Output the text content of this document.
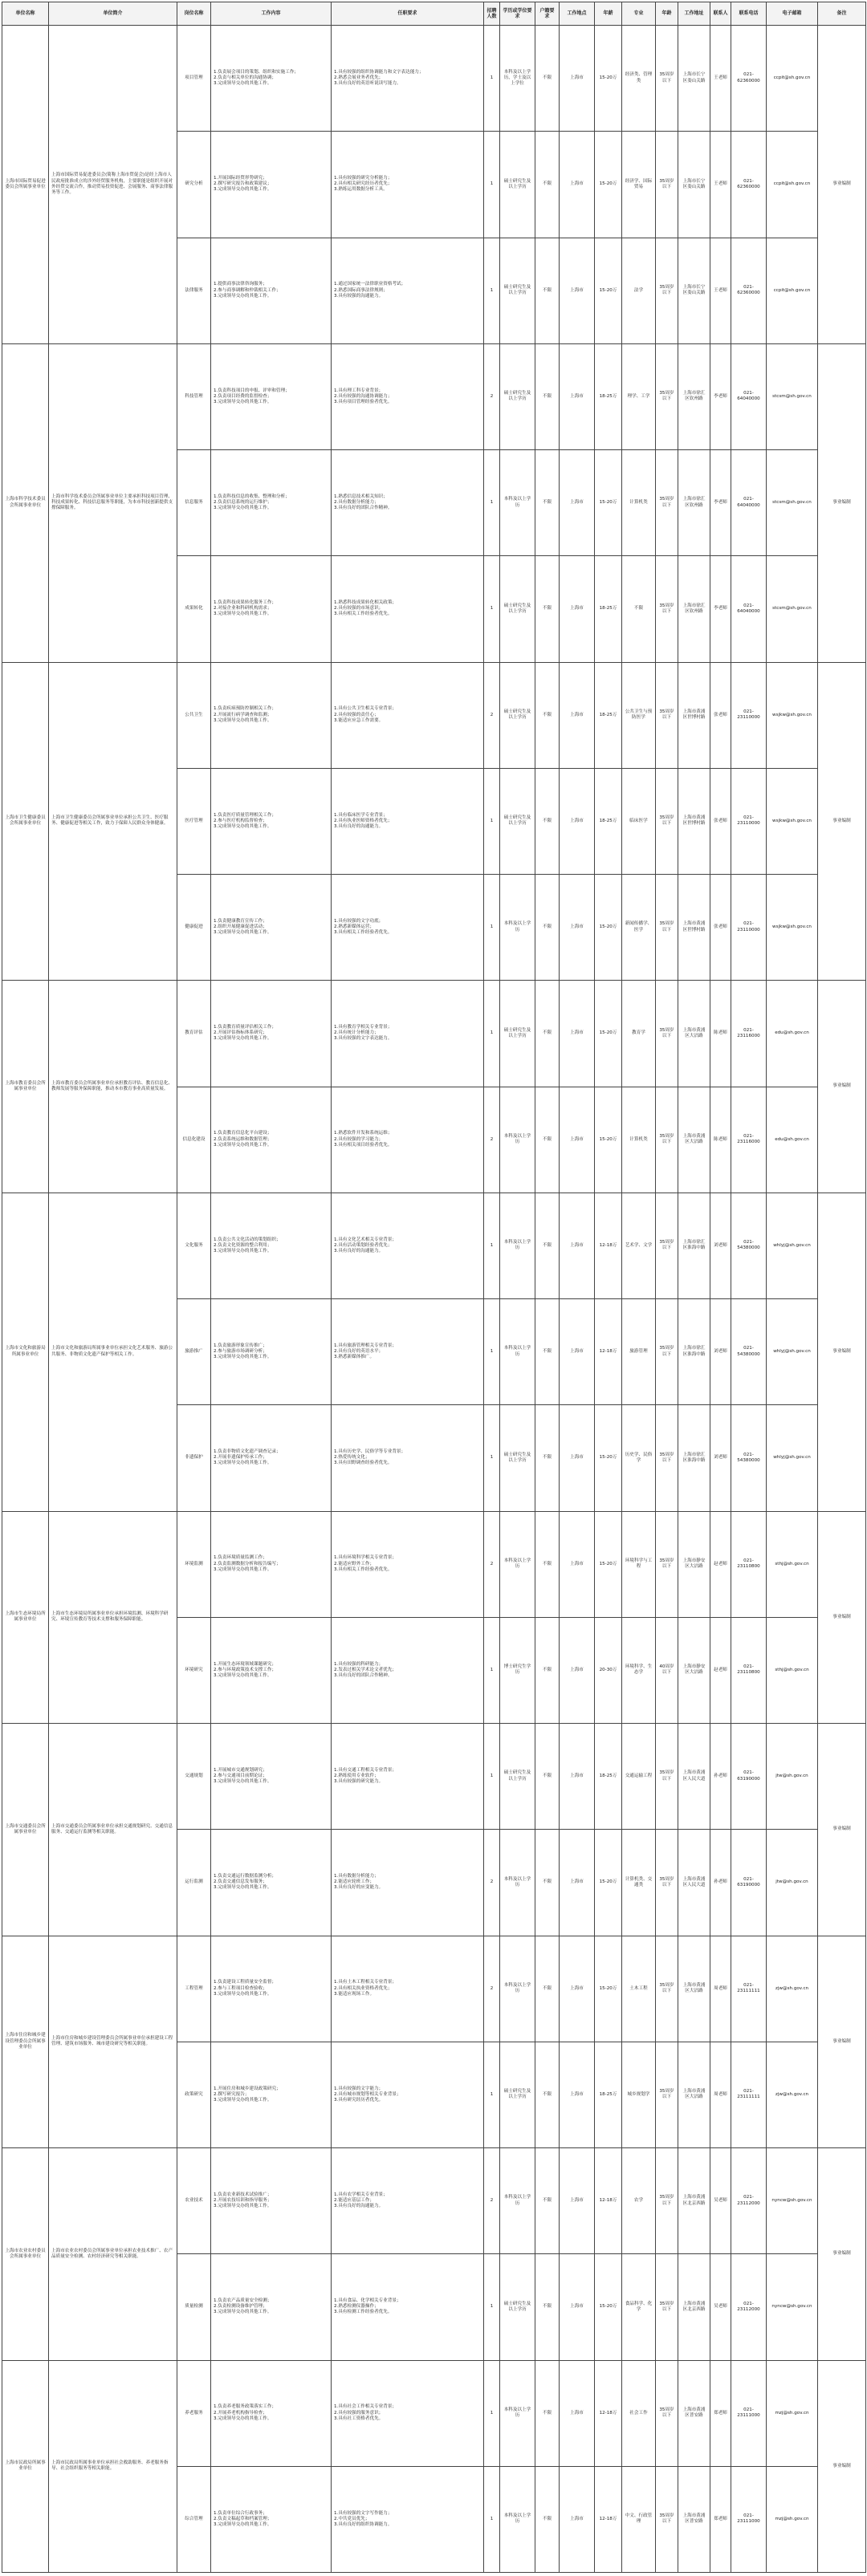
单位名称	单位简介	岗位名称	工作内容	任职要求	招聘人数	学历或学位要求	户籍要求	工作地点	年薪	专业	年龄	工作地址	联系人	联系电话	电子邮箱	备注
上海市国际贸易促进委员会所属事业单位	上海市国际贸易促进委员会(简称上海市贸促会)是经上海市人民政府批准成立的涉外经贸服务机构，主要职能是组织开展对外经贸交流合作，推动贸易投资促进、会展服务、商事法律服务等工作。	项目管理	1.负责展会项目的策划、组织和实施工作；
2.负责与相关单位的沟通协调；
3.完成领导交办的其他工作。	1.具有较强的组织协调能力和文字表达能力；
2.熟悉会展业务者优先；
3.具有良好的英语听说读写能力。	1	本科及以上学历，学士及以上学位	不限	上海市	15-20万	经济类、管理类	35周岁以下	上海市长宁区娄山关路	王老师	021-62360000	ccpit@sh.gov.cn	事业编制
		研究分析	1.开展国际经贸形势研究；
2.撰写研究报告和政策建议；
3.完成领导交办的其他工作。	1.具有较强的研究分析能力；
2.具有相关研究经历者优先；
3.熟练运用数据分析工具。	1	硕士研究生及以上学历	不限	上海市	15-20万	经济学、国际贸易	35周岁以下	上海市长宁区娄山关路	王老师	021-62360000	ccpit@sh.gov.cn	
		法律服务	1.提供商事法律咨询服务；
2.参与商事调解和仲裁相关工作；
3.完成领导交办的其他工作。	1.通过国家统一法律职业资格考试；
2.熟悉国际商事法律规则；
3.具有较强的沟通能力。	1	硕士研究生及以上学历	不限	上海市	15-20万	法学	35周岁以下	上海市长宁区娄山关路	王老师	021-62360000	ccpit@sh.gov.cn	
上海市科学技术委员会所属事业单位	上海市科学技术委员会所属事业单位主要承担科技项目管理、科技成果转化、科技信息服务等职能，为本市科技创新提供支撑保障服务。	科技管理	1.负责科技项目的申报、评审和管理；
2.负责项目经费的监督检查；
3.完成领导交办的其他工作。	1.具有理工科专业背景；
2.具有较强的沟通协调能力；
3.具有项目管理经验者优先。	2	硕士研究生及以上学历	不限	上海市	18-25万	理学、工学	35周岁以下	上海市徐汇区钦州路	李老师	021-64040000	stcsm@sh.gov.cn	事业编制
		信息服务	1.负责科技信息的收集、整理和分析；
2.负责信息系统的运行维护；
3.完成领导交办的其他工作。	1.熟悉信息技术相关知识；
2.具有数据分析能力；
3.具有良好的团队合作精神。	1	本科及以上学历	不限	上海市	15-20万	计算机类	35周岁以下	上海市徐汇区钦州路	李老师	021-64040000	stcsm@sh.gov.cn	
		成果转化	1.负责科技成果转化服务工作；
2.对接企业和科研机构需求；
3.完成领导交办的其他工作。	1.熟悉科技成果转化相关政策；
2.具有较强的市场意识；
3.具有相关工作经验者优先。	1	硕士研究生及以上学历	不限	上海市	18-25万	不限	35周岁以下	上海市徐汇区钦州路	李老师	021-64040000	stcsm@sh.gov.cn	
上海市卫生健康委员会所属事业单位	上海市卫生健康委员会所属事业单位承担公共卫生、医疗服务、健康促进等相关工作，致力于保障人民群众身体健康。	公共卫生	1.负责疾病预防控制相关工作；
2.开展流行病学调查和监测；
3.完成领导交办的其他工作。	1.具有公共卫生相关专业背景；
2.具有较强的责任心；
3.能适应应急工作需要。	2	硕士研究生及以上学历	不限	上海市	18-25万	公共卫生与预防医学	35周岁以下	上海市黄浦区世博村路	张老师	021-23110000	wsjkw@sh.gov.cn	事业编制
		医疗管理	1.负责医疗质量管理相关工作；
2.参与医疗机构监督检查；
3.完成领导交办的其他工作。	1.具有临床医学专业背景；
2.具有执业医师资格者优先；
3.具有良好的沟通能力。	1	硕士研究生及以上学历	不限	上海市	18-25万	临床医学	35周岁以下	上海市黄浦区世博村路	张老师	021-23110000	wsjkw@sh.gov.cn	
		健康促进	1.负责健康教育宣传工作；
2.组织开展健康促进活动；
3.完成领导交办的其他工作。	1.具有较强的文字功底；
2.熟悉新媒体运营；
3.具有相关工作经验者优先。	1	本科及以上学历	不限	上海市	15-20万	新闻传播学、医学	35周岁以下	上海市黄浦区世博村路	张老师	021-23110000	wsjkw@sh.gov.cn	
上海市教育委员会所属事业单位	上海市教育委员会所属事业单位承担教育评估、教育信息化、教师发展等服务保障职能，推动本市教育事业高质量发展。	教育评估	1.负责教育质量评估相关工作；
2.开展评估指标体系研究；
3.完成领导交办的其他工作。	1.具有教育学相关专业背景；
2.具有统计分析能力；
3.具有较强的文字表达能力。	1	硕士研究生及以上学历	不限	上海市	15-20万	教育学	35周岁以下	上海市黄浦区大沽路	陈老师	021-23116000	edu@sh.gov.cn	事业编制
		信息化建设	1.负责教育信息化平台建设；
2.负责系统运维和数据管理；
3.完成领导交办的其他工作。	1.熟悉软件开发和系统运维；
2.具有较强的学习能力；
3.具有相关项目经验者优先。	2	本科及以上学历	不限	上海市	15-20万	计算机类	35周岁以下	上海市黄浦区大沽路	陈老师	021-23116000	edu@sh.gov.cn	
上海市文化和旅游局所属事业单位	上海市文化和旅游局所属事业单位承担文化艺术服务、旅游公共服务、非物质文化遗产保护等相关工作。	文化服务	1.负责公共文化活动的策划组织；
2.负责文化资源的整合利用；
3.完成领导交办的其他工作。	1.具有文化艺术相关专业背景；
2.具有活动策划经验者优先；
3.具有良好的沟通能力。	1	本科及以上学历	不限	上海市	12-18万	艺术学、文学	35周岁以下	上海市徐汇区淮海中路	刘老师	021-54380000	whlyj@sh.gov.cn	事业编制
		旅游推广	1.负责旅游形象宣传推广；
2.参与旅游市场调研分析；
3.完成领导交办的其他工作。	1.具有旅游管理相关专业背景；
2.具有良好的英语水平；
3.熟悉新媒体推广。	1	本科及以上学历	不限	上海市	12-18万	旅游管理	35周岁以下	上海市徐汇区淮海中路	刘老师	021-54380000	whlyj@sh.gov.cn	
		非遗保护	1.负责非物质文化遗产调查记录；
2.开展非遗保护传承工作；
3.完成领导交办的其他工作。	1.具有历史学、民俗学等专业背景；
2.热爱传统文化；
3.具有田野调查经验者优先。	1	硕士研究生及以上学历	不限	上海市	15-20万	历史学、民俗学	35周岁以下	上海市徐汇区淮海中路	刘老师	021-54380000	whlyj@sh.gov.cn	
上海市生态环境局所属事业单位	上海市生态环境局所属事业单位承担环境监测、环境科学研究、环境宣传教育等技术支撑和服务保障职能。	环境监测	1.负责环境质量监测工作；
2.负责监测数据分析和报告编写；
3.完成领导交办的其他工作。	1.具有环境科学相关专业背景；
2.能适应野外工作；
3.具有相关工作经验者优先。	2	本科及以上学历	不限	上海市	15-20万	环境科学与工程	35周岁以下	上海市静安区大沽路	赵老师	021-23110800	sthj@sh.gov.cn	事业编制
		环境研究	1.开展生态环境领域课题研究；
2.参与环境政策技术支撑工作；
3.完成领导交办的其他工作。	1.具有较强的科研能力；
2.发表过相关学术论文者优先；
3.具有良好的团队合作精神。	1	博士研究生学历	不限	上海市	20-30万	环境科学、生态学	40周岁以下	上海市静安区大沽路	赵老师	021-23110800	sthj@sh.gov.cn	
上海市交通委员会所属事业单位	上海市交通委员会所属事业单位承担交通规划研究、交通信息服务、交通运行监测等相关职能。	交通规划	1.开展城市交通规划研究；
2.参与交通项目前期论证；
3.完成领导交办的其他工作。	1.具有交通工程相关专业背景；
2.熟练使用专业软件；
3.具有较强的研究能力。	1	硕士研究生及以上学历	不限	上海市	18-25万	交通运输工程	35周岁以下	上海市黄浦区人民大道	孙老师	021-63190000	jtw@sh.gov.cn	事业编制
		运行监测	1.负责交通运行数据监测分析；
2.负责交通信息发布服务；
3.完成领导交办的其他工作。	1.具有数据分析能力；
2.能适应轮班工作；
3.具有良好的应变能力。	2	本科及以上学历	不限	上海市	15-20万	计算机类、交通类	35周岁以下	上海市黄浦区人民大道	孙老师	021-63190000	jtw@sh.gov.cn	
上海市住房和城乡建设管理委员会所属事业单位	上海市住房和城乡建设管理委员会所属事业单位承担建设工程管理、建筑市场服务、城市建设研究等相关职能。	工程管理	1.负责建设工程质量安全监督；
2.参与工程项目检查验收；
3.完成领导交办的其他工作。	1.具有土木工程相关专业背景；
2.具有相关执业资格者优先；
3.能适应现场工作。	2	本科及以上学历	不限	上海市	15-20万	土木工程	35周岁以下	上海市黄浦区大沽路	周老师	021-23111111	zjw@sh.gov.cn	事业编制
		政策研究	1.开展住房和城乡建设政策研究；
2.撰写研究报告；
3.完成领导交办的其他工作。	1.具有较强的文字能力；
2.具有城市规划等相关专业背景；
3.具有研究经历者优先。	1	硕士研究生及以上学历	不限	上海市	18-25万	城乡规划学	35周岁以下	上海市黄浦区大沽路	周老师	021-23111111	zjw@sh.gov.cn	
上海市农业农村委员会所属事业单位	上海市农业农村委员会所属事业单位承担农业技术推广、农产品质量安全检测、农村经济研究等相关职能。	农业技术	1.负责农业新技术试验推广；
2.开展农技培训和指导服务；
3.完成领导交办的其他工作。	1.具有农学相关专业背景；
2.能适应基层工作；
3.具有良好的沟通能力。	2	本科及以上学历	不限	上海市	12-18万	农学	35周岁以下	上海市黄浦区北京西路	吴老师	021-23112000	nyncw@sh.gov.cn	事业编制
		质量检测	1.负责农产品质量安全检测；
2.负责检测设备维护管理；
3.完成领导交办的其他工作。	1.具有食品、化学相关专业背景；
2.熟悉检测仪器操作；
3.具有检测工作经验者优先。	1	硕士研究生及以上学历	不限	上海市	15-20万	食品科学、化学	35周岁以下	上海市黄浦区北京西路	吴老师	021-23112000	nyncw@sh.gov.cn	
上海市民政局所属事业单位	上海市民政局所属事业单位承担社会救助服务、养老服务指导、社会组织服务等相关职能。	养老服务	1.负责养老服务政策落实工作；
2.开展养老机构指导检查；
3.完成领导交办的其他工作。	1.具有社会工作相关专业背景；
2.具有较强的服务意识；
3.具有社工资格者优先。	1	本科及以上学历	不限	上海市	12-18万	社会工作	35周岁以下	上海市黄浦区普安路	郑老师	021-23111000	mzj@sh.gov.cn	事业编制
		综合管理	1.负责单位综合行政事务；
2.负责文稿起草和档案管理；
3.完成领导交办的其他工作。	1.具有较强的文字写作能力；
2.中共党员优先；
3.具有良好的组织协调能力。	1	本科及以上学历	不限	上海市	12-18万	中文、行政管理	35周岁以下	上海市黄浦区普安路	郑老师	021-23111000	mzj@sh.gov.cn	
